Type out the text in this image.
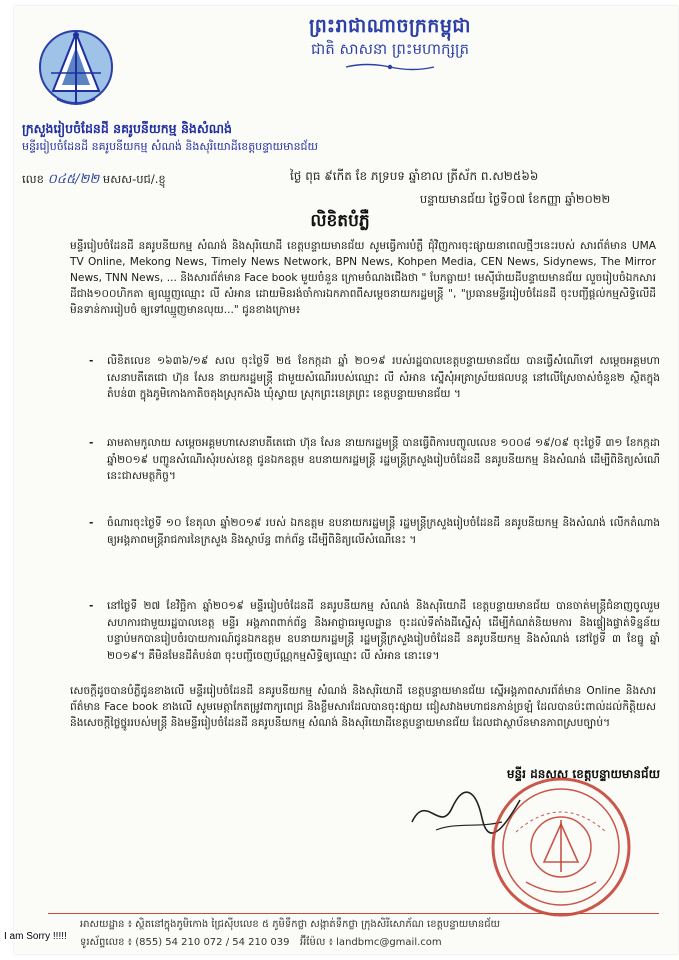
ព្រះរាជាណាចក្រកម្ពុជា
ជាតិ សាសនា ព្រះមហាក្សត្រ
ក្រសួងរៀបចំដែនដី នគរូបនីយកម្ម និងសំណង់
មន្ទីររៀបចំដែនដី នគរូបនីយកម្ម សំណង់ និងសុរិយោដីខេត្តបន្ទាយមានជ័យ
លេខ ០៤៥/២២ មសស-បជ/.ខ្ញុ	ថ្ងៃ ពុធ ៩កើត ខែ ភទ្របទ ឆ្នាំខាល ត្រីស័ក ព.ស២៥៦៦
បន្ទាយមានជ័យ ថ្ងៃទី០៧ ខែកញ្ញា ឆ្នាំ២០២២
លិខិតបំភ្លឺ
មន្ទីររៀបចំដែនដី នគរូបនីយកម្ម សំណង់ និងសុរិយោដី ខេត្តបន្ទាយមានជ័យ សូមធ្វើការបំភ្លឺ ជុំវិញការចុះផ្សាយនាពេលថ្មីៗនេះរបស់ សារព័ត៌មាន UMA TV Online, Mekong News, Timely News Network, BPN News, Kohpen Media, CEN News, Sidynews, The Mirror News, TNN News, ... និងសារព័ត៌មាន Face book មួយចំនួន ក្រោមចំណងជើងថា " បែកធ្លាយ! មេស៊ីរ៉ោយដីបន្ទាយមានជ័យ លួចរៀបចំឯកសារដីជាង១០០ហិកតា ឲ្យឈ្មួញឈ្មោះ លី សំអាន ដោយមិនរង់ចាំការឯកភាពពីសម្តេចនាយករដ្ឋមន្ត្រី ", "ប្រធានមន្ទីររៀបចំដែនដី ចុះបញ្ជីផ្តល់កម្មសិទ្ធិលើដី មិនទាន់ការរៀបចំ ឲ្យទៅឈ្មួញមានលុយ..." ជូនខាងក្រោម៖
- លិខិតលេខ ១៦៣៦/១៩ សល ចុះថ្ងៃទី ២៥ ខែកក្កដា ឆ្នាំ ២០១៩ របស់រដ្ឋបាលខេត្តបន្ទាយមានជ័យ បានធ្វើសំណើទៅ សម្តេចអគ្គមហាសេនាបតីតេជោ ហ៊ុន សែន នាយករដ្ឋមន្ត្រី ជាមួយសំណើររបស់ឈ្មោះ លី សំអាន ស្នើសុំអត្រាស្រ័យផលបន្ត នៅលើស្រែចាស់ចំនួន២ ស្ថិតក្នុងតំបន់៣ ក្នុងភូមិកោងកាតិចតុងស្រុកសិង ឃុំស្វាយ ស្រុកព្រះនេត្រព្រះ ខេត្តបន្ទាយមានជ័យ ។
- ឆាមតាមកូលាយ សម្តេចអគ្គមហាសេនាបតីតេជោ ហ៊ុន សែន នាយករដ្ឋមន្ត្រី បានធ្វើពិការបញ្ចូលលេខ ១០០៨ ១៩/០៩ ចុះថ្ងៃទី ៣១ ខែកក្កដា ឆ្នាំ២០១៩ បញ្ជូនសំណើរសុំរបស់ខេត្ត ជូនឯកឧត្តម ឧបនាយករដ្ឋមន្ត្រី រដ្ឋមន្ត្រីក្រសួងរៀបចំដែនដី នគរូបនីយកម្ម និងសំណង់ ដើម្បីពិនិត្យសំណើនេះជាសមត្ថកិច្ច។
- ចំណារចុះថ្ងៃទី ១០ ខែតុលា ឆ្នាំ២០១៩ របស់ ឯកឧត្តម ឧបនាយករដ្ឋមន្ត្រី រដ្ឋមន្ត្រីក្រសួងរៀបចំដែនដី នគរូបនីយកម្ម និងសំណង់ លើកតំណាងឲ្យអង្គភាពមន្ត្រីរាជការនៃក្រសួង និងស្ថាប័ន្ធ ពាក់ព័ន្ធ ដើម្បីពិនិត្យលើសំណើនេះ ។
- នៅថ្ងៃទី ២៧ ខែវិច្ឆិកា ឆ្នាំ២០១៩ មន្ទីររៀបចំដែនដី នគរូបនីយកម្ម សំណង់ និងសុរិយោដី ខេត្តបន្ទាយមានជ័យ បានចាត់មន្ត្រីជំនាញចូលរួមសហការជាមួយរដ្ឋបាលខេត្ត មន្ទីរ អង្គភាពពាក់ព័ន្ធ និងអាជ្ញាធរមូលដ្ឋាន ចុះដល់ទីតាំងដីស្នើសុំ ដើម្បីកំណត់និយមការ និងផ្ទៀងផ្ទាត់ទិន្នន័យ បន្ទាប់មកបានរៀបចំរបាយការណ៍ជូនឯកឧត្តម ឧបនាយករដ្ឋមន្ត្រី រដ្ឋមន្ត្រីក្រសួងរៀបចំដែនដី នគរូបនីយកម្ម និងសំណង់ នៅថ្ងៃទី ៣ ខែធ្នូ ឆ្នាំ ២០១៩។ គឺមិនមែនដីតំបន់៣ ចុះបញ្ជីចេញប័ណ្ណកម្មសិទ្ធិឲ្យឈ្មោះ លី សំអាន នោះទេ។
សេចក្តីដូចបានបំភ្លឺជូនខាងលើ មន្ទីររៀបចំដែនដី នគរូបនីយកម្ម សំណង់ និងសុរិយោដី ខេត្តបន្ទាយមានជ័យ ស្នើអង្គភាពសារព័ត៌មាន Online និងសារព័ត៌មាន Face book ខាងលើ សូមមេត្តាកែតម្រូវពាក្យពេជ្រ និងខ្លឹមសារដែលបានចុះផ្សាយ ជៀសវាងមហាជនភាន់ច្រឡំ ដែលបានប៉ះពាល់ដល់កិត្តិយស និងសេចក្តីថ្លៃថ្នូររបស់មន្ត្រី និងមន្ទីររៀបចំដែនដី នគរូបនីយកម្ម សំណង់ និងសុរិយោដីខេត្តបន្ទាយមានជ័យ ដែលជាស្ថាប័នមានភាពស្របច្បាប់។
មន្ទីរ ដនសស ខេត្តបន្ទាយមានជ័យ
អាសយដ្ឋាន ៖ ស្ថិតនៅក្នុងភូមិកោង ជ្រៃស៊ីបលេខ ៥ ភូមិទឹកថ្លា សង្កាត់ទឹកថ្លា ក្រុងសិរីសោភ័ណ ខេត្តបន្ទាយមានជ័យ
ទូរស័ព្ទលេខ ៖ (855) 54 210 072 / 54 210 039 អ៊ីម៉ែល ៖ landbmc@gmail.com
I am Sorry !!!!!
